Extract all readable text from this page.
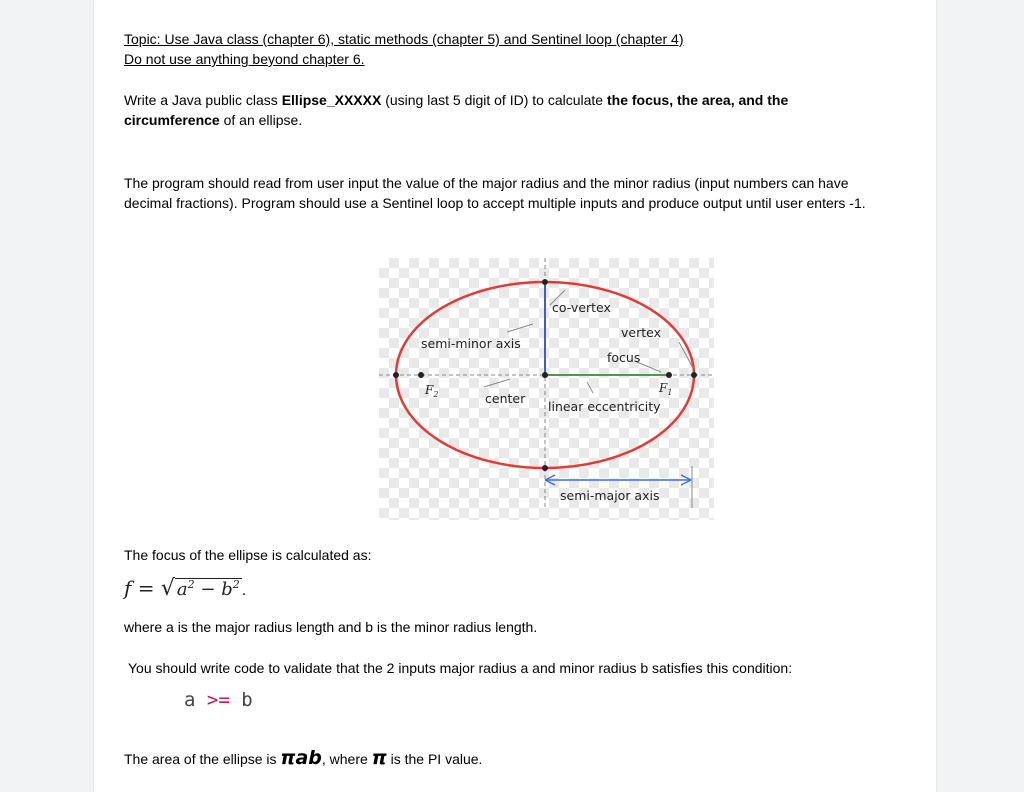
Topic: Use Java class (chapter 6), static methods (chapter 5) and Sentinel loop (chapter 4)
Do not use anything beyond chapter 6.
Write a Java public class Ellipse_XXXXX (using last 5 digit of ID) to calculate the focus, the area, and the
circumference of an ellipse.
The program should read from user input the value of the major radius and the minor radius (input numbers can have decimal fractions). Program should use a Sentinel loop to accept multiple inputs and produce output until user enters -1.
co-vertex
vertex
semi-minor axis
focus
$F_2$	$F_1$
center
linear eccentricity
semi-major axis
The focus of the ellipse is calculated as:
f = √ $a^2 - b^2$ .
where a is the major radius length and b is the minor radius length.
You should write code to validate that the 2 inputs major radius a and minor radius b satisfies this condition:
a >= b
The area of the ellipse is πab, where π is the PI value.
